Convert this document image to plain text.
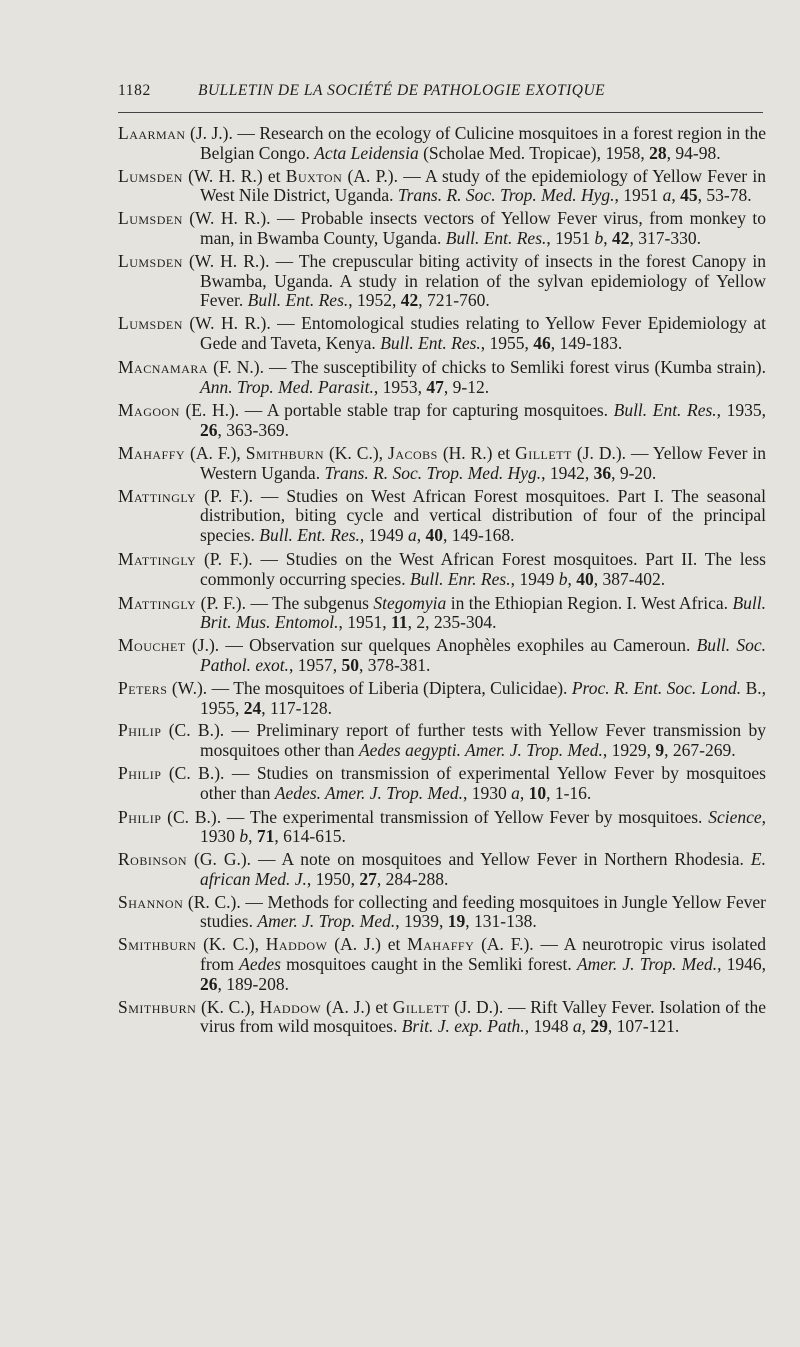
1182	BULLETIN DE LA SOCIÉTÉ DE PATHOLOGIE EXOTIQUE

Laarman (J. J.). — Research on the ecology of Culicine mosquitoes in a forest region in the Belgian Congo. Acta Leidensia (Scholae Med. Tropicae), 1958, 28, 94-98.

Lumsden (W. H. R.) et Buxton (A. P.). — A study of the epidemiology of Yellow Fever in West Nile District, Uganda. Trans. R. Soc. Trop. Med. Hyg., 1951 a, 45, 53-78.

Lumsden (W. H. R.). — Probable insects vectors of Yellow Fever virus, from monkey to man, in Bwamba County, Uganda. Bull. Ent. Res., 1951 b, 42, 317-330.

Lumsden (W. H. R.). — The crepuscular biting activity of insects in the forest Canopy in Bwamba, Uganda. A study in relation of the sylvan epidemiology of Yellow Fever. Bull. Ent. Res., 1952, 42, 721-760.

Lumsden (W. H. R.). — Entomological studies relating to Yellow Fever Epidemiology at Gede and Taveta, Kenya. Bull. Ent. Res., 1955, 46, 149-183.

Macnamara (F. N.). — The susceptibility of chicks to Semliki forest virus (Kumba strain). Ann. Trop. Med. Parasit., 1953, 47, 9-12.

Magoon (E. H.). — A portable stable trap for capturing mosquitoes. Bull. Ent. Res., 1935, 26, 363-369.

Mahaffy (A. F.), Smithburn (K. C.), Jacobs (H. R.) et Gillett (J. D.). — Yellow Fever in Western Uganda. Trans. R. Soc. Trop. Med. Hyg., 1942, 36, 9-20.

Mattingly (P. F.). — Studies on West African Forest mosquitoes. Part I. The seasonal distribution, biting cycle and vertical distribution of four of the principal species. Bull. Ent. Res., 1949 a, 40, 149-168.

Mattingly (P. F.). — Studies on the West African Forest mosquitoes. Part II. The less commonly occurring species. Bull. Enr. Res., 1949 b, 40, 387-402.

Mattingly (P. F.). — The subgenus Stegomyia in the Ethiopian Region. I. West Africa. Bull. Brit. Mus. Entomol., 1951, 11, 2, 235-304.

Mouchet (J.). — Observation sur quelques Anophèles exophiles au Cameroun. Bull. Soc. Pathol. exot., 1957, 50, 378-381.

Peters (W.). — The mosquitoes of Liberia (Diptera, Culicidae). Proc. R. Ent. Soc. Lond. B., 1955, 24, 117-128.

Philip (C. B.). — Preliminary report of further tests with Yellow Fever transmission by mosquitoes other than Aedes aegypti. Amer. J. Trop. Med., 1929, 9, 267-269.

Philip (C. B.). — Studies on transmission of experimental Yellow Fever by mosquitoes other than Aedes. Amer. J. Trop. Med., 1930 a, 10, 1-16.

Philip (C. B.). — The experimental transmission of Yellow Fever by mosquitoes. Science, 1930 b, 71, 614-615.

Robinson (G. G.). — A note on mosquitoes and Yellow Fever in Northern Rhodesia. E. african Med. J., 1950, 27, 284-288.

Shannon (R. C.). — Methods for collecting and feeding mosquitoes in Jungle Yellow Fever studies. Amer. J. Trop. Med., 1939, 19, 131-138.

Smithburn (K. C.), Haddow (A. J.) et Mahaffy (A. F.). — A neurotropic virus isolated from Aedes mosquitoes caught in the Semliki forest. Amer. J. Trop. Med., 1946, 26, 189-208.

Smithburn (K. C.), Haddow (A. J.) et Gillett (J. D.). — Rift Valley Fever. Isolation of the virus from wild mosquitoes. Brit. J. exp. Path., 1948 a, 29, 107-121.
